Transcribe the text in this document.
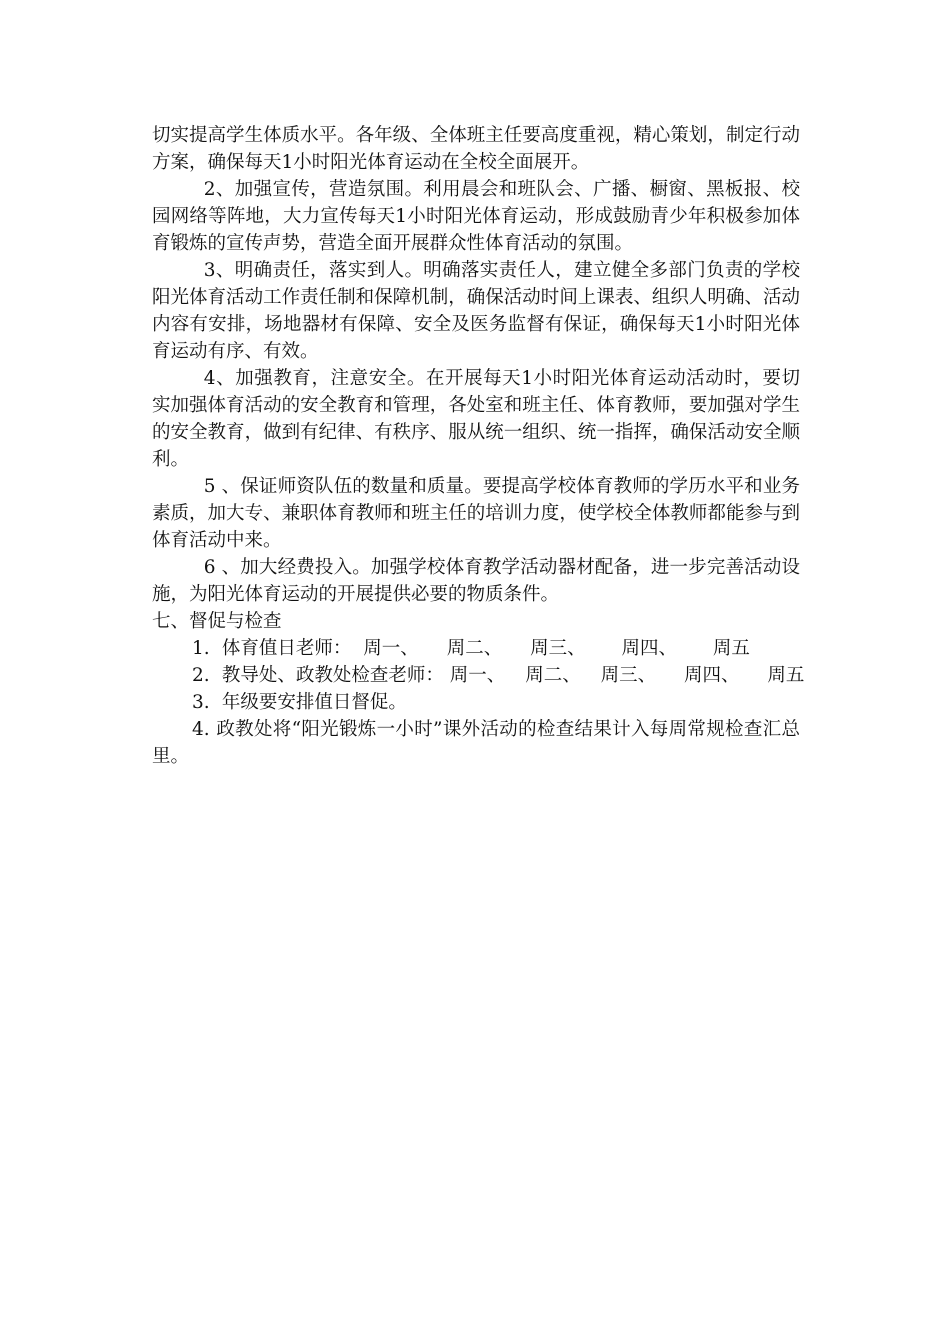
切实提高学生体质水平。各年级、全体班主任要高度重视，精心策划，制定行动方案，确保每天1小时阳光体育运动在全校全面展开。

2、加强宣传，营造氛围。利用晨会和班队会、广播、橱窗、黑板报、校园网络等阵地，大力宣传每天1小时阳光体育运动，形成鼓励青少年积极参加体育锻炼的宣传声势，营造全面开展群众性体育活动的氛围。

3、明确责任，落实到人。明确落实责任人，建立健全多部门负责的学校阳光体育活动工作责任制和保障机制，确保活动时间上课表、组织人明确、活动内容有安排，场地器材有保障、安全及医务监督有保证，确保每天1小时阳光体育运动有序、有效。

4、加强教育，注意安全。在开展每天1小时阳光体育运动活动时，要切实加强体育活动的安全教育和管理，各处室和班主任、体育教师，要加强对学生的安全教育，做到有纪律、有秩序、服从统一组织、统一指挥，确保活动安全顺利。

5 、保证师资队伍的数量和质量。要提高学校体育教师的学历水平和业务素质，加大专、兼职体育教师和班主任的培训力度，使学校全体教师都能参与到体育活动中来。

6 、加大经费投入。加强学校体育教学活动器材配备，进一步完善活动设施，为阳光体育运动的开展提供必要的物质条件。

七、督促与检查

1. 体育值日老师： 周一、 周二、 周三、 周四、 周五

2. 教导处、政教处检查老师： 周一、 周二、 周三、 周四、 周五

3. 年级要安排值日督促。

4. 政教处将“阳光锻炼一小时”课外活动的检查结果计入每周常规检查汇总里。
